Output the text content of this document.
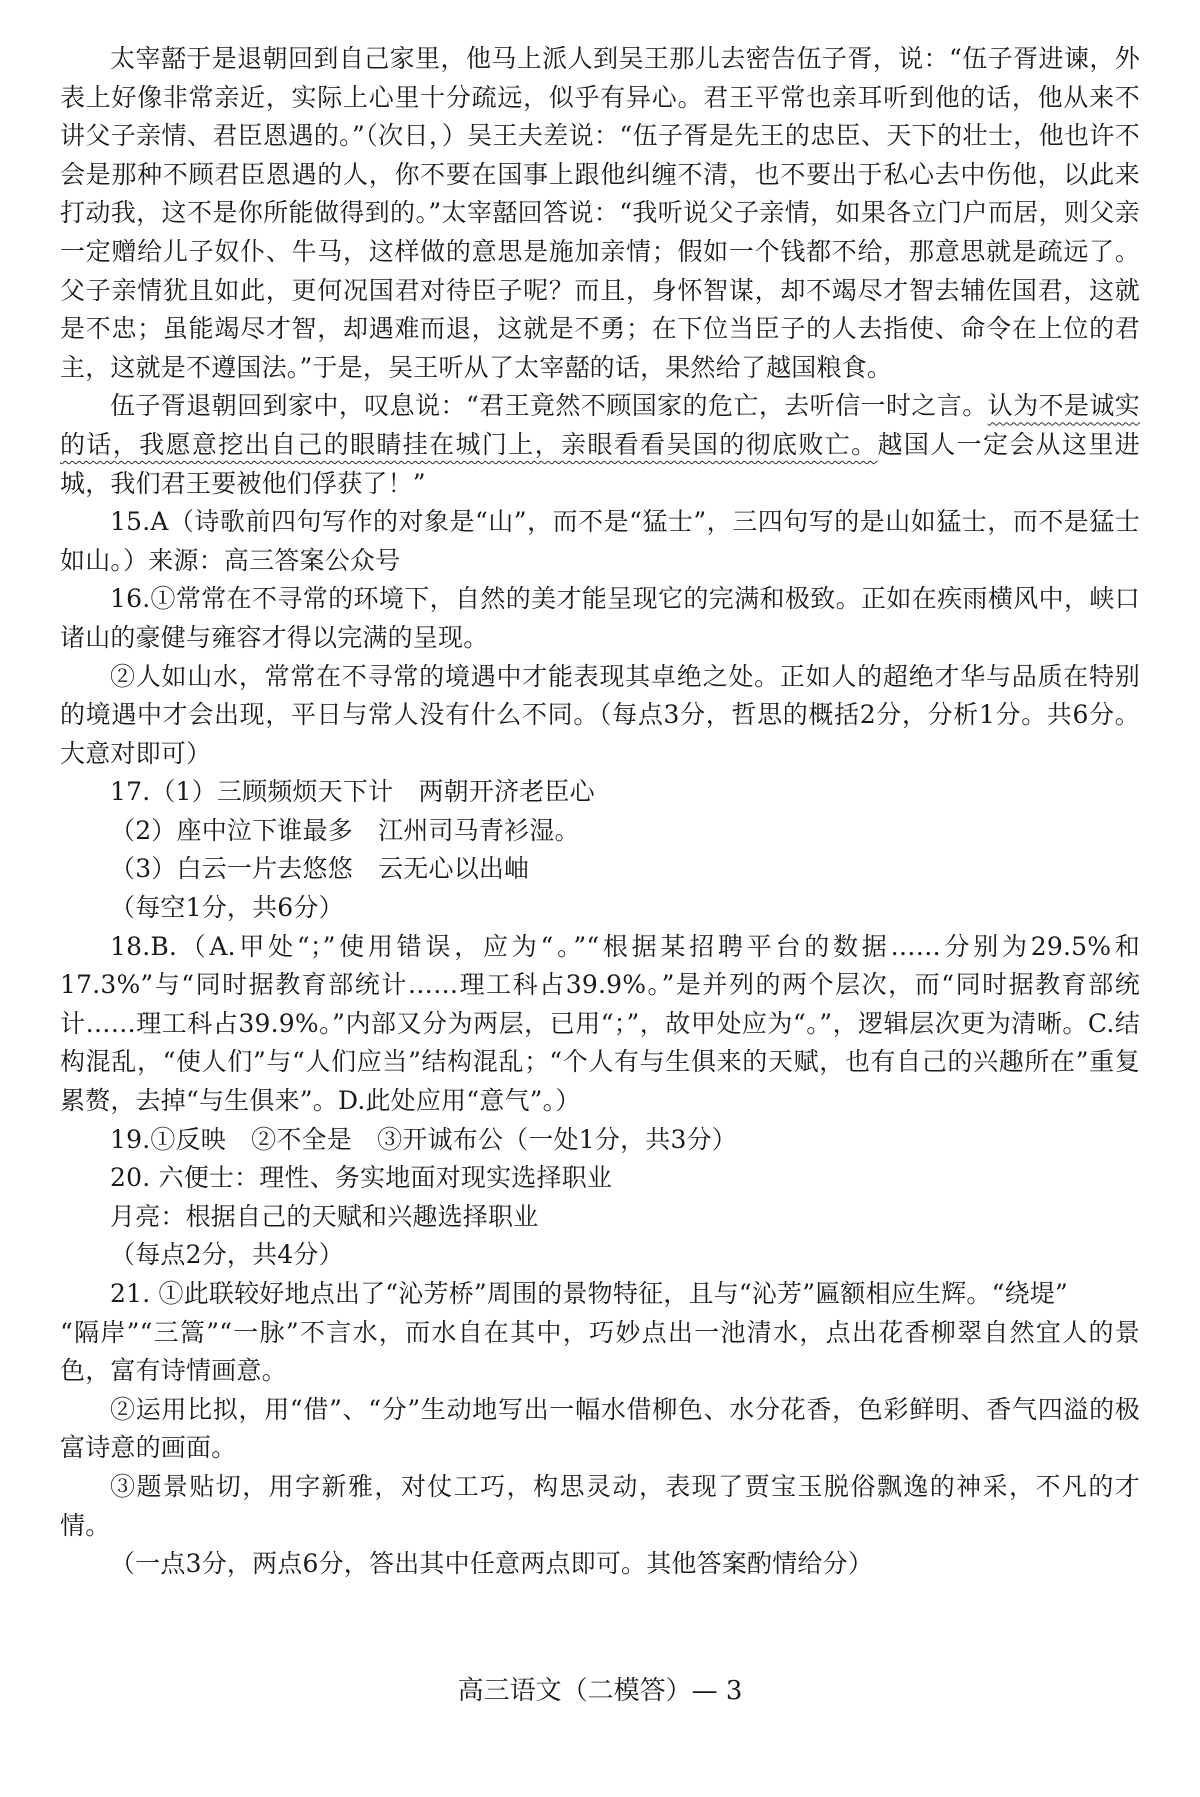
太宰嚭于是退朝回到自己家里，他马上派人到吴王那儿去密告伍子胥，说：“伍子胥进谏，外表上好像非常亲近，实际上心里十分疏远，似乎有异心。君王平常也亲耳听到他的话，他从来不讲父子亲情、君臣恩遇的。”（次日，）吴王夫差说：“伍子胥是先王的忠臣、天下的壮士，他也许不会是那种不顾君臣恩遇的人，你不要在国事上跟他纠缠不清，也不要出于私心去中伤他，以此来打动我，这不是你所能做得到的。”太宰嚭回答说：“我听说父子亲情，如果各立门户而居，则父亲一定赠给儿子奴仆、牛马，这样做的意思是施加亲情；假如一个钱都不给，那意思就是疏远了。父子亲情犹且如此，更何况国君对待臣子呢？而且，身怀智谋，却不竭尽才智去辅佐国君，这就是不忠；虽能竭尽才智，却遇难而退，这就是不勇；在下位当臣子的人去指使、命令在上位的君主，这就是不遵国法。”于是，吴王听从了太宰嚭的话，果然给了越国粮食。

伍子胥退朝回到家中，叹息说：“君王竟然不顾国家的危亡，去听信一时之言。认为不是诚实的话，我愿意挖出自己的眼睛挂在城门上，亲眼看看吴国的彻底败亡。越国人一定会从这里进城，我们君王要被他们俘获了！”

15.A（诗歌前四句写作的对象是“山”，而不是“猛士”，三四句写的是山如猛士，而不是猛士如山。）来源：高三答案公众号

16.①常常在不寻常的环境下，自然的美才能呈现它的完满和极致。正如在疾雨横风中，峡口诸山的豪健与雍容才得以完满的呈现。

②人如山水，常常在不寻常的境遇中才能表现其卓绝之处。正如人的超绝才华与品质在特别的境遇中才会出现，平日与常人没有什么不同。（每点3分，哲思的概括2分，分析1分。共6分。大意对即可）

17.（1）三顾频烦天下计　两朝开济老臣心

（2）座中泣下谁最多　江州司马青衫湿。

（3）白云一片去悠悠　云无心以出岫

（每空1分，共6分）

18.B.（A.甲处“；”使用错误，应为“。”“根据某招聘平台的数据……分别为29.5%和17.3%”与“同时据教育部统计……理工科占39.9%。”是并列的两个层次，而“同时据教育部统计……理工科占39.9%。”内部又分为两层，已用“；”，故甲处应为“。”，逻辑层次更为清晰。C.结构混乱，“使人们”与“人们应当”结构混乱；“个人有与生俱来的天赋，也有自己的兴趣所在”重复累赘，去掉“与生俱来”。D.此处应用“意气”。）

19.①反映　②不全是　③开诚布公（一处1分，共3分）

20. 六便士：理性、务实地面对现实选择职业

月亮：根据自己的天赋和兴趣选择职业

（每点2分，共4分）

21. ①此联较好地点出了“沁芳桥”周围的景物特征，且与“沁芳”匾额相应生辉。“绕堤”
“隔岸”“三篙”“一脉”不言水，而水自在其中，巧妙点出一池清水，点出花香柳翠自然宜人的景色，富有诗情画意。

②运用比拟，用“借”、“分”生动地写出一幅水借柳色、水分花香，色彩鲜明、香气四溢的极富诗意的画面。

③题景贴切，用字新雅，对仗工巧，构思灵动，表现了贾宝玉脱俗飘逸的神采，不凡的才情。

（一点3分，两点6分，答出其中任意两点即可。其他答案酌情给分）

高三语文（二模答）— 3
